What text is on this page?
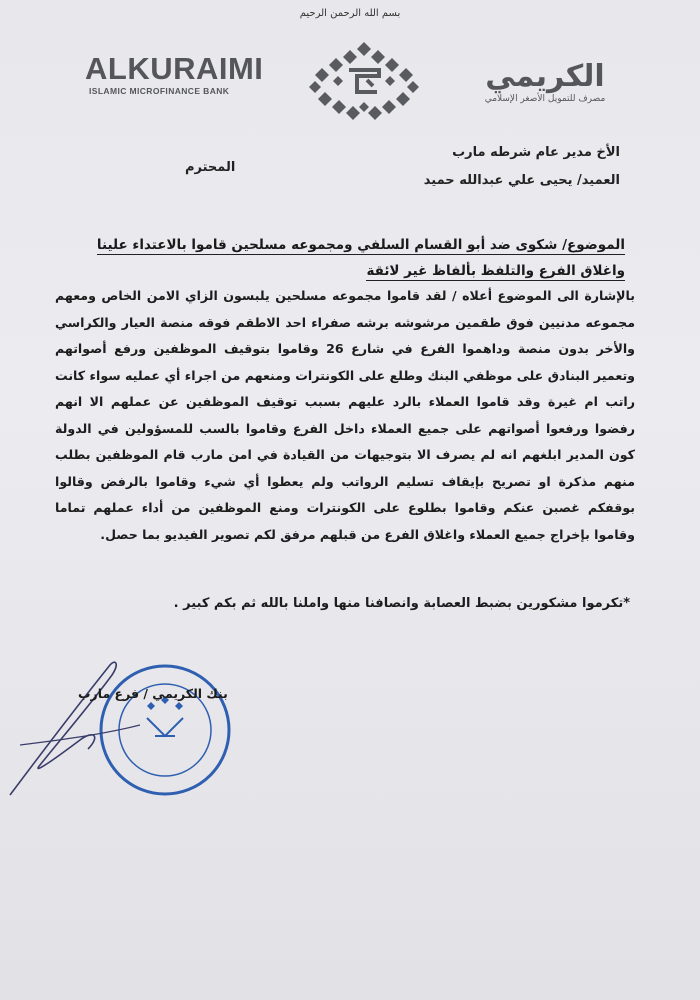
بسم الله الرحمن الرحيم
ALKURAIMI
ISLAMIC MICROFINANCE BANK	الكريمي
مصرف للتمويل الأصغر الإسلامي
الأخ مدير عام شرطه مارب
العميد/ يحيى علي عبدالله حميد
المحترم
الموضوع/ شكوى ضد أبو القسام السلفي ومجموعه مسلحين قاموا بالاعتداء علينا
واغلاق الفرع والتلفظ بألفاظ غير لائقة
بالإشارة الى الموضوع أعلاه / لقد قاموا مجموعه مسلحين يلبسون الزاي الامن الخاص ومعهم مجموعه مدنيين فوق طقمين مرشوشه برشه صفراء احد الاطقم فوقه منصة العيار والكراسي والأخر بدون منصة وداهموا الفرع في شارع 26 وقاموا بتوقيف الموظفين ورفع أصواتهم وتعمير البنادق على موظفي البنك وطلع على الكونترات ومنعهم من اجراء أي عمليه سواء كانت راتب ام غيرة وقد قاموا العملاء بالرد عليهم بسبب توقيف الموظفين عن عملهم الا انهم رفضوا ورفعوا أصواتهم على جميع العملاء داخل الفرع وقاموا بالسب للمسؤولين في الدولة كون المدير ابلغهم انه لم يصرف الا بتوجيهات من القيادة في امن مارب قام الموظفين بطلب منهم مذكرة او تصريح بإيقاف تسليم الرواتب ولم يعطوا أي شيء وقاموا بالرفض وقالوا بوقفكم غصبن عنكم وقاموا بطلوع على الكونترات ومنع الموظفين من أداء عملهم تماما وقاموا بإخراج جميع العملاء واغلاق الفرع من قبلهم مرفق لكم تصوير الفيديو بما حصل.
*تكرموا مشكورين بضبط العصابة وانصافنا منها واملنا بالله ثم بكم كبير .
بنك الكريمي / فرع مارب
